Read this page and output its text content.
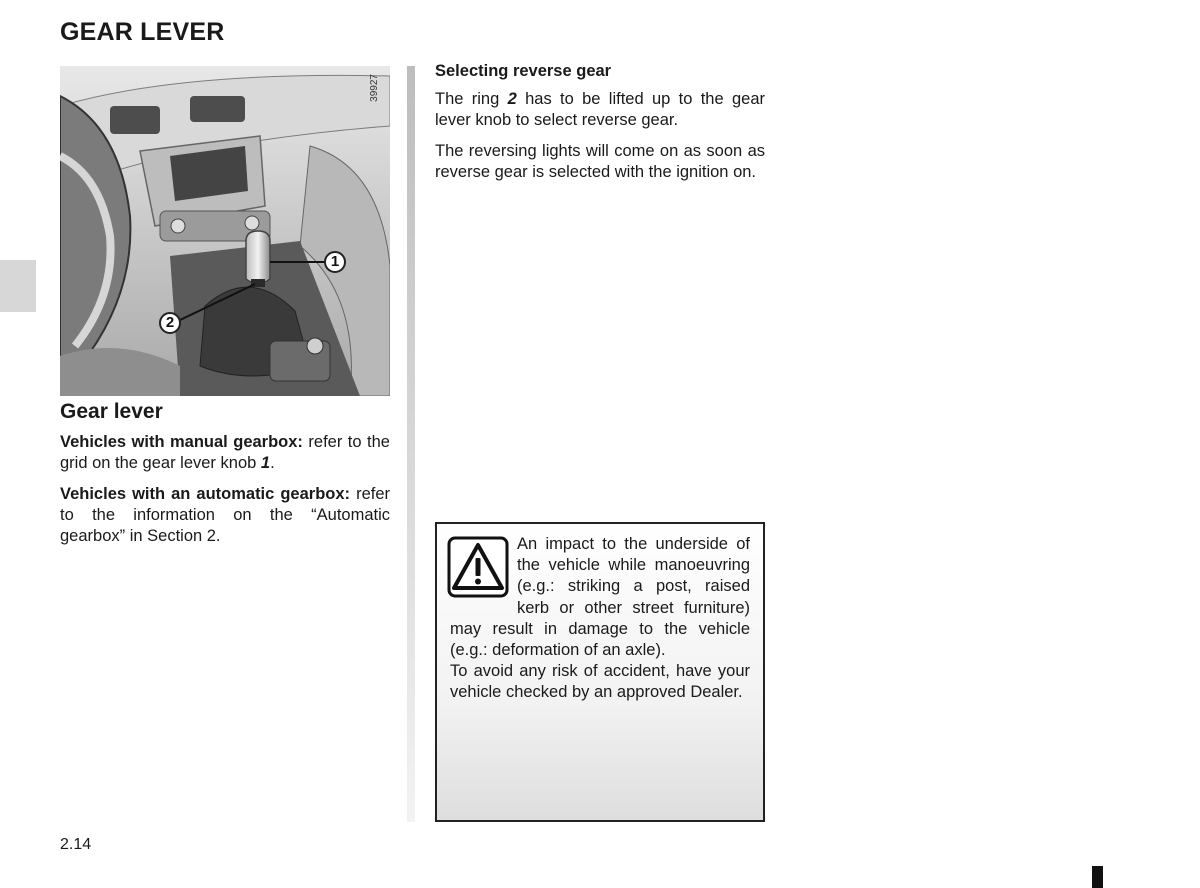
GEAR LEVER
39927
1
2
Gear lever

Vehicles with manual gearbox: refer to the grid on the gear lever knob 1.

Vehicles with an automatic gearbox: refer to the information on the “Automatic gearbox” in Section 2.

Selecting reverse gear

The ring 2 has to be lifted up to the gear lever knob to select reverse gear.

The reversing lights will come on as soon as reverse gear is selected with the ignition on.

An impact to the underside of the vehicle while manoeuvring (e.g.: striking a post, raised kerb or other street furniture) may result in damage to the vehicle (e.g.: deformation of an axle).

To avoid any risk of accident, have your vehicle checked by an approved Dealer.

2.14
